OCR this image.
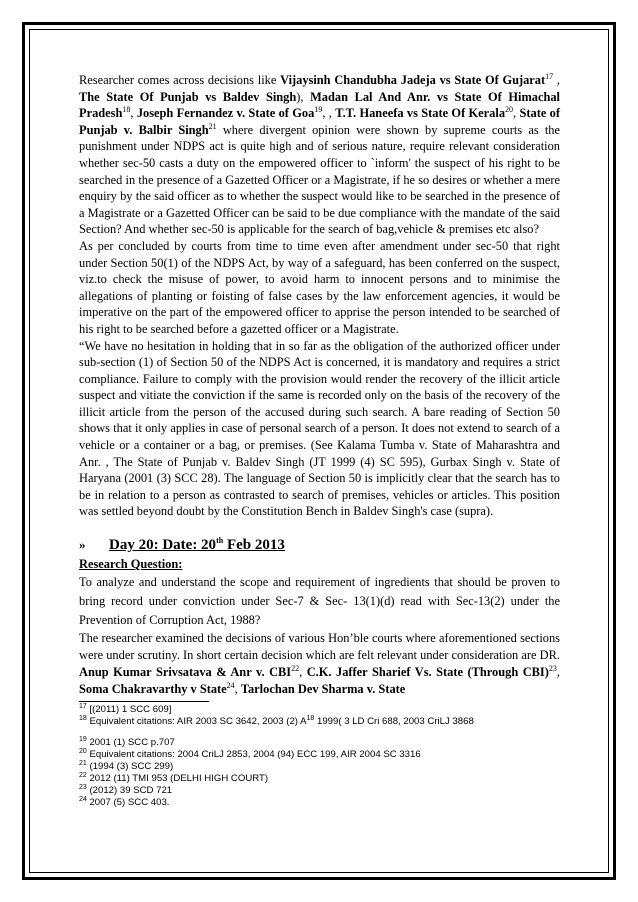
Researcher comes across decisions like Vijaysinh Chandubha Jadeja vs State Of Gujarat$^{17}$ , The State Of Punjab vs Baldev Singh), Madan Lal And Anr. vs State Of Himachal Pradesh$^{18}$, Joseph Fernandez v. State of Goa$^{19}$, , T.T. Haneefa vs State Of Kerala$^{20}$, State of Punjab v. Balbir Singh$^{21}$ where divergent opinion were shown by supreme courts as the punishment under NDPS act is quite high and of serious nature, require relevant consideration whether sec-50 casts a duty on the empowered officer to `inform' the suspect of his right to be searched in the presence of a Gazetted Officer or a Magistrate, if he so desires or whether a mere enquiry by the said officer as to whether the suspect would like to be searched in the presence of a Magistrate or a Gazetted Officer can be said to be due compliance with the mandate of the said Section? And whether sec-50 is applicable for the search of bag,vehicle & premises etc also?

As per concluded by courts from time to time even after amendment under sec-50 that right under Section 50(1) of the NDPS Act, by way of a safeguard, has been conferred on the suspect, viz.to check the misuse of power, to avoid harm to innocent persons and to minimise the allegations of planting or foisting of false cases by the law enforcement agencies, it would be imperative on the part of the empowered officer to apprise the person intended to be searched of his right to be searched before a gazetted officer or a Magistrate.

“We have no hesitation in holding that in so far as the obligation of the authorized officer under sub-section (1) of Section 50 of the NDPS Act is concerned, it is mandatory and requires a strict compliance. Failure to comply with the provision would render the recovery of the illicit article suspect and vitiate the conviction if the same is recorded only on the basis of the recovery of the illicit article from the person of the accused during such search. A bare reading of Section 50 shows that it only applies in case of personal search of a person. It does not extend to search of a vehicle or a container or a bag, or premises. (See Kalama Tumba v. State of Maharashtra and Anr. , The State of Punjab v. Baldev Singh (JT 1999 (4) SC 595), Gurbax Singh v. State of Haryana (2001 (3) SCC 28). The language of Section 50 is implicitly clear that the search has to be in relation to a person as contrasted to search of premises, vehicles or articles. This position was settled beyond doubt by the Constitution Bench in Baldev Singh's case (supra).

» Day 20: Date: 20th Feb 2013

Research Question:

To analyze and understand the scope and requirement of ingredients that should be proven to bring record under conviction under Sec-7 & Sec- 13(1)(d) read with Sec-13(2) under the Prevention of Corruption Act, 1988?

The researcher examined the decisions of various Hon’ble courts where aforementioned sections were under scrutiny. In short certain decision which are felt relevant under consideration are DR. Anup Kumar Srivsatava & Anr v. CBI$^{22}$, C.K. Jaffer Sharief Vs. State (Through CBI)$^{23}$, Soma Chakravarthy v State$^{24}$, Tarlochan Dev Sharma v. State

$^{17}$ [(2011) 1 SCC 609]
$^{18}$ Equivalent citations: AIR 2003 SC 3642, 2003 (2) $A^{18}$ 1999( 3 LD Cri 688, 2003 CriLJ 3868
$^{19}$ 2001 (1) SCC p.707
$^{20}$ Equivalent citations: 2004 CriLJ 2853, 2004 (94) ECC 199, AIR 2004 SC 3316
$^{21}$ (1994 (3) SCC 299)
$^{22}$ 2012 (11) TMI 953 (DELHI HIGH COURT)
$^{23}$ (2012) 39 SCD 721
$^{24}$ 2007 (5) SCC 403.
